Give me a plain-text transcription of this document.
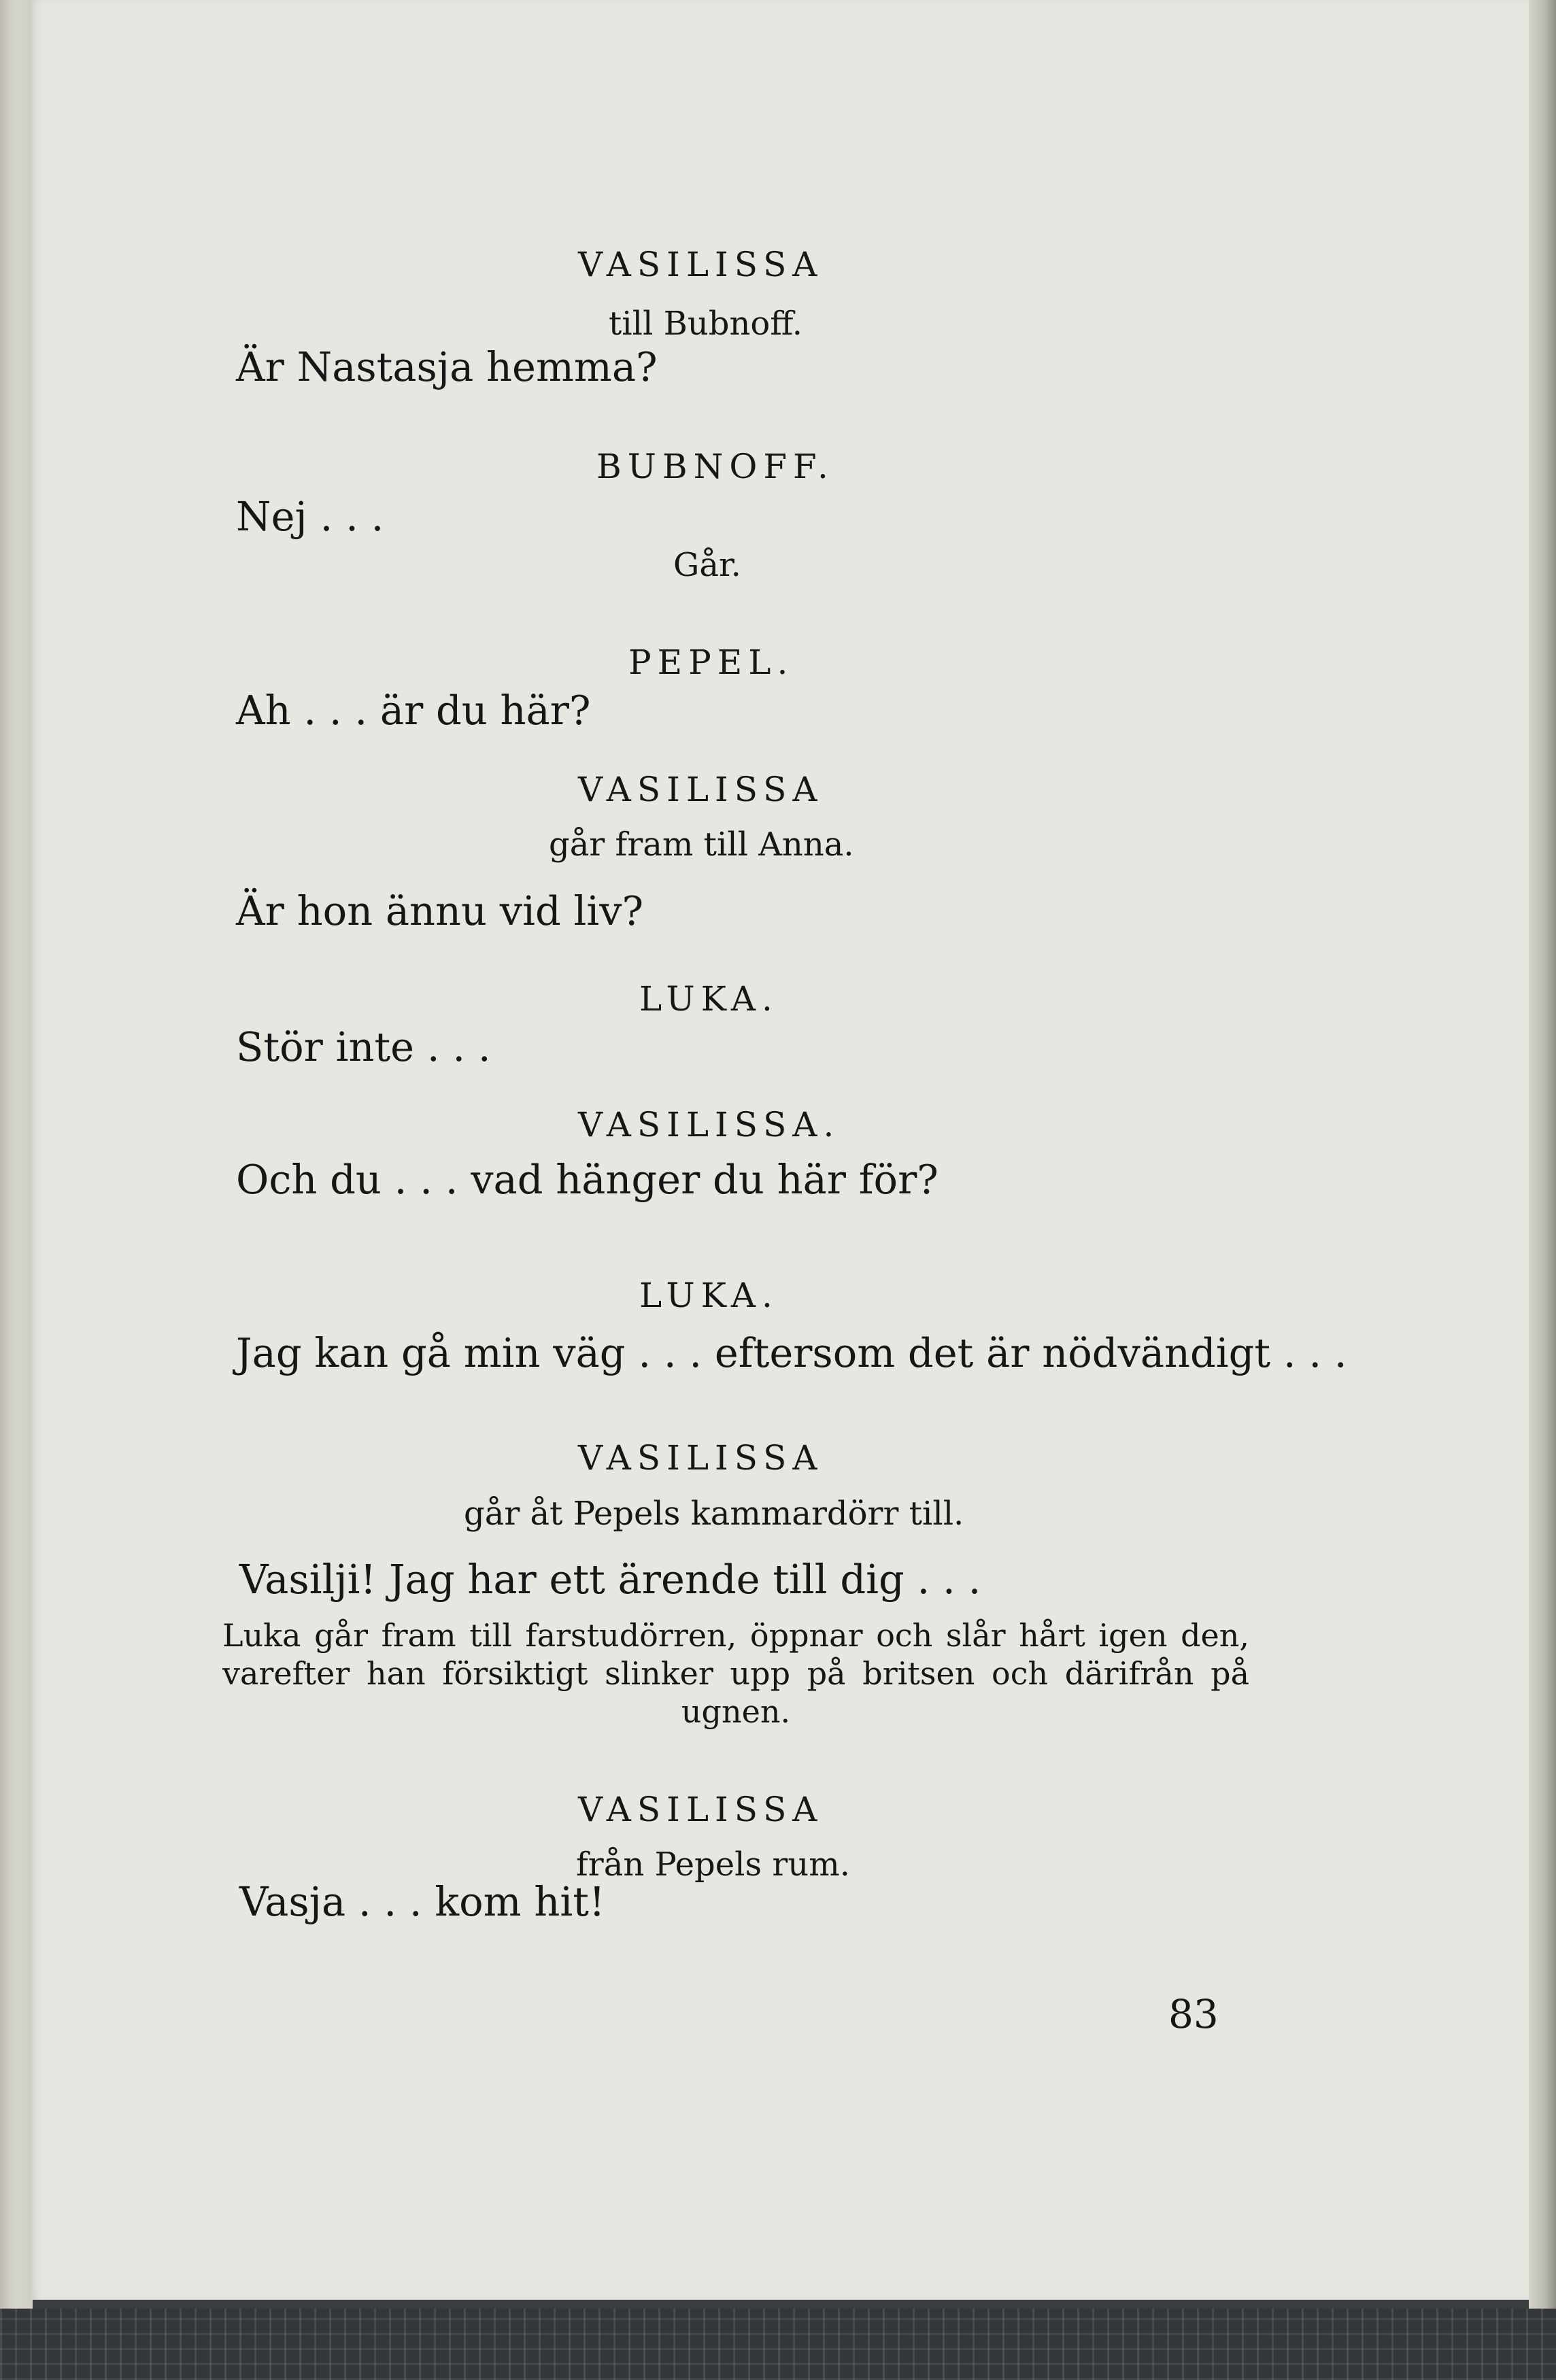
VASILISSA

till Bubnoff.

Är Nastasja hemma?

BUBNOFF.

Nej . . .

Går.

PEPEL.

Ah . . . är du här?

VASILISSA

går fram till Anna.

Är hon ännu vid liv?

LUKA.

Stör inte . . .

VASILISSA.

Och du . . . vad hänger du här för?

LUKA.

Jag kan gå min väg . . . eftersom det är nödvändigt . . .

VASILISSA

går åt Pepels kammardörr till.

Vasilji! Jag har ett ärende till dig . . .

Luka går fram till farstudörren, öppnar och slår hårt igen den, varefter han försiktigt slinker upp på britsen och därifrån på ugnen.

VASILISSA

från Pepels rum.

Vasja . . . kom hit!

83
